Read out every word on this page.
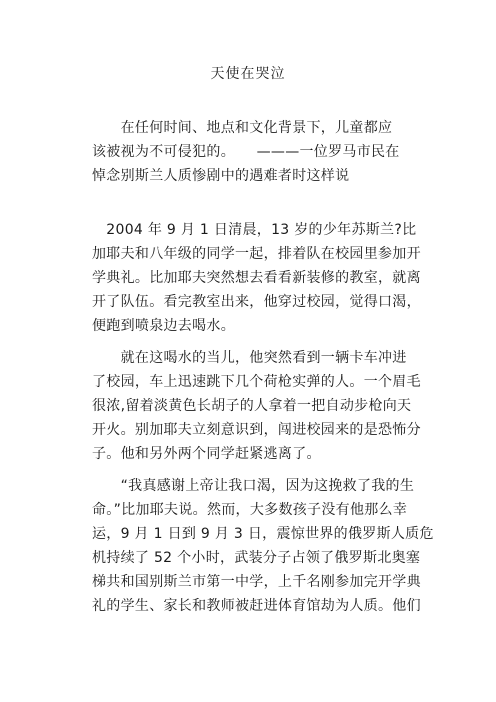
天使在哭泣
　　在任何时间、地点和文化背景下，儿童都应
该被视为不可侵犯的。　　———一位罗马市民在
悼念别斯兰人质惨剧中的遇难者时这样说
　2004 年 9 月 1 日清晨，13 岁的少年苏斯兰?比
加耶夫和八年级的同学一起，排着队在校园里参加开
学典礼。比加耶夫突然想去看看新装修的教室，就离
开了队伍。看完教室出来，他穿过校园，觉得口渴，
便跑到喷泉边去喝水。
　　就在这喝水的当儿，他突然看到一辆卡车冲进
了校园，车上迅速跳下几个荷枪实弹的人。一个眉毛
很浓,留着淡黄色长胡子的人拿着一把自动步枪向天
开火。别加耶夫立刻意识到，闯进校园来的是恐怖分
子。他和另外两个同学赶紧逃离了。
　　“我真感谢上帝让我口渴，因为这挽救了我的生
命。”比加耶夫说。然而，大多数孩子没有他那么幸
运，9 月 1 日到 9 月 3 日，震惊世界的俄罗斯人质危
机持续了 52 个小时，武装分子占领了俄罗斯北奥塞
梯共和国别斯兰市第一中学，上千名刚参加完开学典
礼的学生、家长和教师被赶进体育馆劫为人质。他们
